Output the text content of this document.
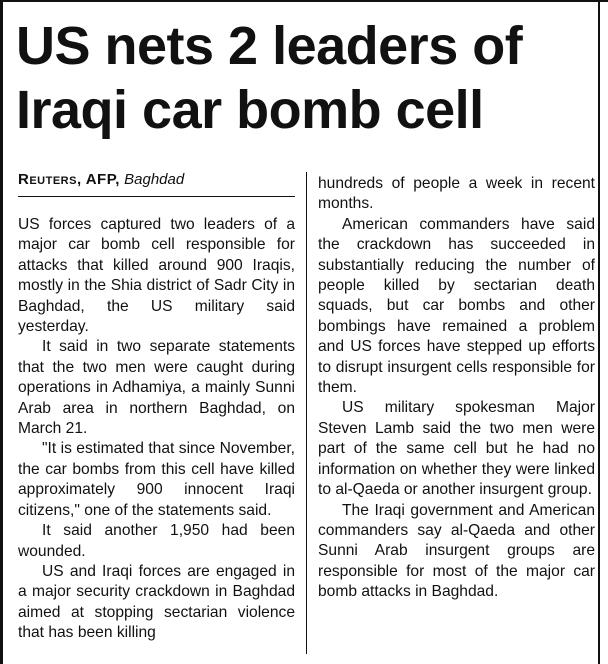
US nets 2 leaders of
Iraqi car bomb cell
Reuters, AFP, Baghdad

US forces captured two leaders of a major car bomb cell responsible for attacks that killed around 900 Iraqis, mostly in the Shia district of Sadr City in Baghdad, the US military said yesterday.

It said in two separate statements that the two men were caught during operations in Adhamiya, a mainly Sunni Arab area in northern Baghdad, on March 21.

"It is estimated that since November, the car bombs from this cell have killed approximately 900 innocent Iraqi citizens," one of the statements said.

It said another 1,950 had been wounded.

US and Iraqi forces are engaged in a major security crackdown in Baghdad aimed at stopping sectarian violence that has been killing

hundreds of people a week in recent months.

American commanders have said the crackdown has succeeded in substantially reducing the number of people killed by sectarian death squads, but car bombs and other bombings have remained a problem and US forces have stepped up efforts to disrupt insurgent cells responsible for them.

US military spokesman Major Steven Lamb said the two men were part of the same cell but he had no information on whether they were linked to al-Qaeda or another insurgent group.

The Iraqi government and American commanders say al-Qaeda and other Sunni Arab insurgent groups are responsible for most of the major car bomb attacks in Baghdad.
